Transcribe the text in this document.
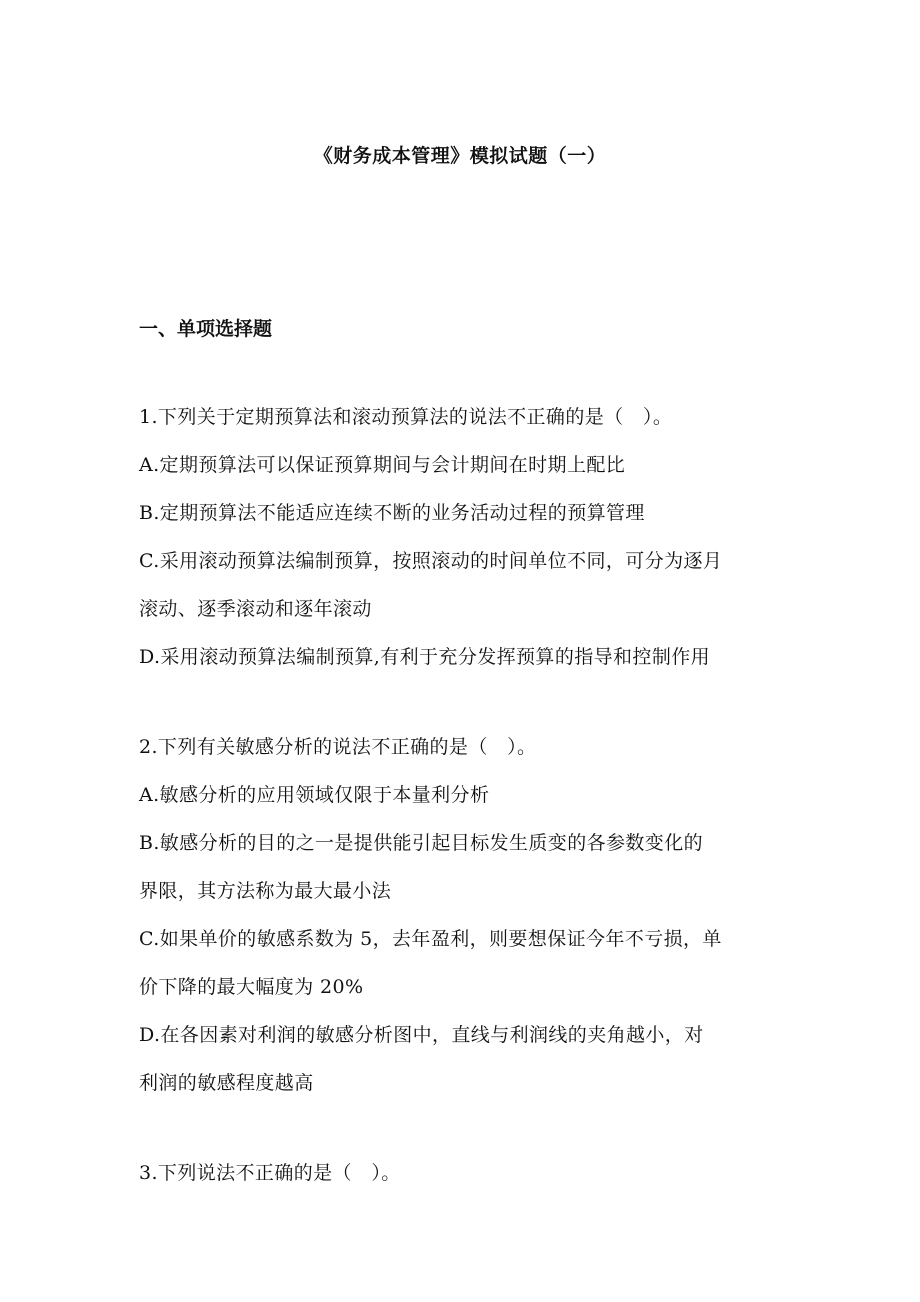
《财务成本管理》模拟试题（一）
一、单项选择题
1.下列关于定期预算法和滚动预算法的说法不正确的是（　）。
A.定期预算法可以保证预算期间与会计期间在时期上配比
B.定期预算法不能适应连续不断的业务活动过程的预算管理
C.采用滚动预算法编制预算，按照滚动的时间单位不同，可分为逐月
滚动、逐季滚动和逐年滚动
D.采用滚动预算法编制预算,有利于充分发挥预算的指导和控制作用
2.下列有关敏感分析的说法不正确的是（　）。
A.敏感分析的应用领域仅限于本量利分析
B.敏感分析的目的之一是提供能引起目标发生质变的各参数变化的
界限，其方法称为最大最小法
C.如果单价的敏感系数为 5，去年盈利，则要想保证今年不亏损，单
价下降的最大幅度为 20%
D.在各因素对利润的敏感分析图中，直线与利润线的夹角越小，对
利润的敏感程度越高
3.下列说法不正确的是（　）。
